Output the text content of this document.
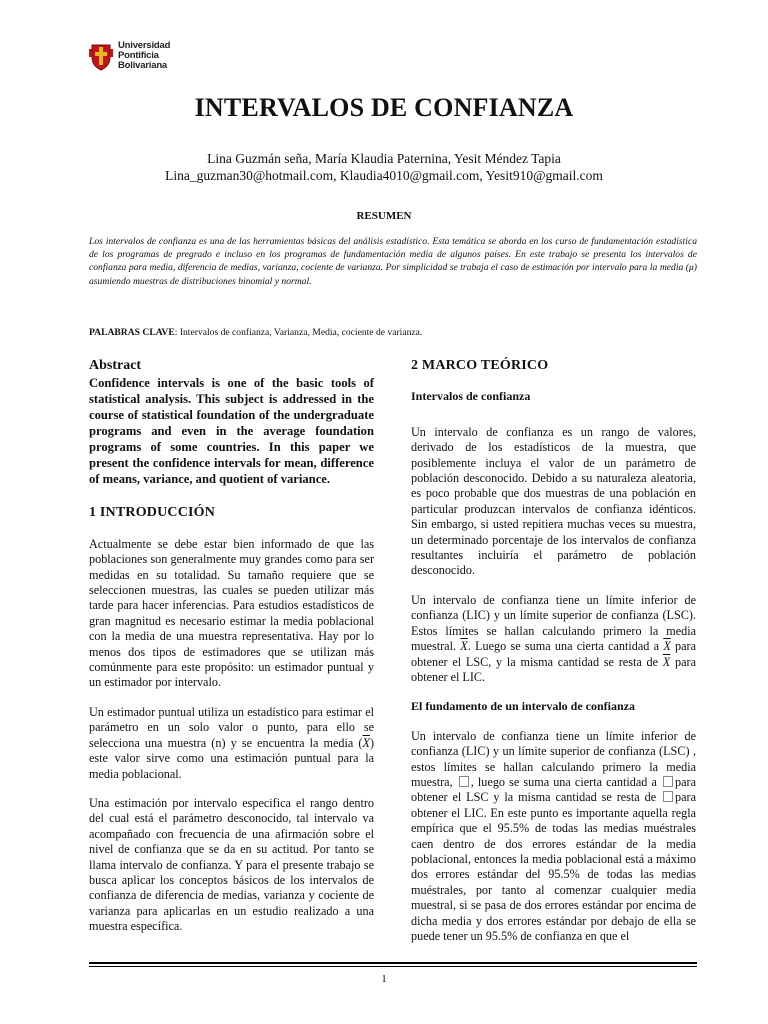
Universidad
Pontificia
Bolivariana
INTERVALOS DE CONFIANZA
Lina Guzmán seña, María Klaudia Paternina, Yesit Méndez Tapia
Lina_guzman30@hotmail.com, Klaudia4010@gmail.com, Yesit910@gmail.com
RESUMEN

Los intervalos de confianza es una de las herramientas básicas del análisis estadístico. Esta temática se aborda en los curso de fundamentación estadística de los programas de pregrado e incluso en los programas de fundamentación media de algunos países. En este trabajo se presenta los intervalos de confianza para media, diferencia de medias, varianza, cociente de varianza. Por simplicidad se trabaja el caso de estimación por intervalo para la media (μ) asumiendo muestras de distribuciones binomial y normal.

PALABRAS CLAVE: Intervalos de confianza, Varianza, Media, cociente de varianza.

Abstract

Confidence intervals is one of the basic tools of statistical analysis. This subject is addressed in the course of statistical foundation of the undergraduate programs and even in the average foundation programs of some countries. In this paper we present the confidence intervals for mean, difference of means, variance, and quotient of variance.

1 INTRODUCCIÓN

Actualmente se debe estar bien informado de que las poblaciones son generalmente muy grandes como para ser medidas en su totalidad. Su tamaño requiere que se seleccionen muestras, las cuales se pueden utilizar más tarde para hacer inferencias. Para estudios estadísticos de gran magnitud es necesario estimar la media poblacional con la media de una muestra representativa. Hay por lo menos dos tipos de estimadores que se utilizan más comúnmente para este propósito: un estimador puntual y un estimador por intervalo.

Un estimador puntual utiliza un estadístico para estimar el parámetro en un solo valor o punto, para ello se selecciona una muestra (n) y se encuentra la media $(\overline{X})$ este valor sirve como una estimación puntual para la media poblacional.

Una estimación por intervalo especifica el rango dentro del cual está el parámetro desconocido, tal intervalo va acompañado con frecuencia de una afirmación sobre el nivel de confianza que se da en su actitud. Por tanto se llama intervalo de confianza. Y para el presente trabajo se busca aplicar los conceptos básicos de los intervalos de confianza de diferencia de medias, varianza y cociente de varianza para aplicarlas en un estudio realizado a una muestra específica.

2 MARCO TEÓRICO
Intervalos de confianza

Un intervalo de confianza es un rango de valores, derivado de los estadísticos de la muestra, que posiblemente incluya el valor de un parámetro de población desconocido. Debido a su naturaleza aleatoria, es poco probable que dos muestras de una población en particular produzcan intervalos de confianza idénticos. Sin embargo, si usted repitiera muchas veces su muestra, un determinado porcentaje de los intervalos de confianza resultantes incluiría el parámetro de población desconocido.

Un intervalo de confianza tiene un límite inferior de confianza (LIC) y un límite superior de confianza (LSC). Estos límites se hallan calculando primero la media muestral. $\overline{X}$. Luego se suma una cierta cantidad a $\overline{X}$ para obtener el LSC, y la misma cantidad se resta de $\overline{X}$ para obtener el LIC.

El fundamento de un intervalo de confianza

Un intervalo de confianza tiene un límite inferior de confianza (LIC) y un límite superior de confianza (LSC) , estos límites se hallan calculando primero la media muestra, , luego se suma una cierta cantidad a para obtener el LSC y la misma cantidad se resta de para obtener el LIC. En este punto es importante aquella regla empírica que el 95.5% de todas las medias muéstrales caen dentro de dos errores estándar de la media poblacional, entonces la media poblacional está a máximo dos errores estándar del 95.5% de todas las medias muéstrales, por tanto al comenzar cualquier media muestral, si se pasa de dos errores estándar por encima de dicha media y dos errores estándar por debajo de ella se puede tener un 95.5% de confianza en que el

1
